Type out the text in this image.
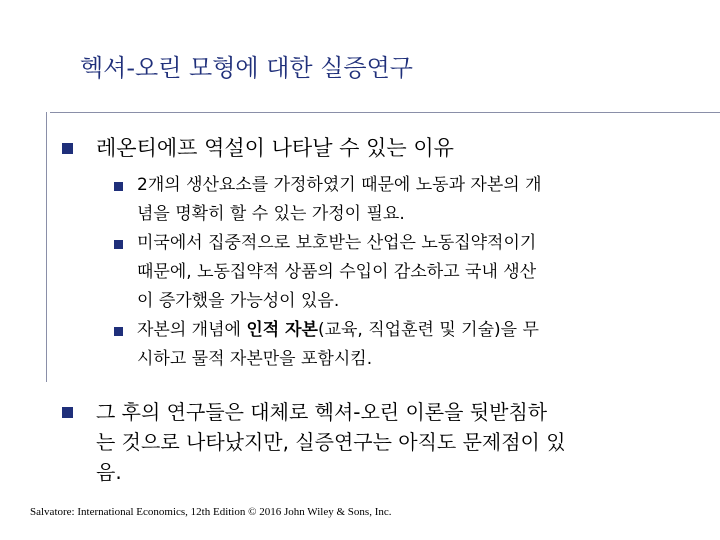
헥셔-오린 모형에 대한 실증연구
레온티에프 역설이 나타날 수 있는 이유
2개의 생산요소를 가정하였기 때문에 노동과 자본의 개
념을 명확히 할 수 있는 가정이 필요.
미국에서 집중적으로 보호받는 산업은 노동집약적이기
때문에, 노동집약적 상품의 수입이 감소하고 국내 생산
이 증가했을 가능성이 있음.
자본의 개념에 인적 자본(교육, 직업훈련 및 기술)을 무
시하고 물적 자본만을 포함시킴.
그 후의 연구들은 대체로 헥셔-오린 이론을 뒷받침하
는 것으로 나타났지만, 실증연구는 아직도 문제점이 있
음.
Salvatore: International Economics, 12th Edition © 2016 John Wiley & Sons, Inc.
